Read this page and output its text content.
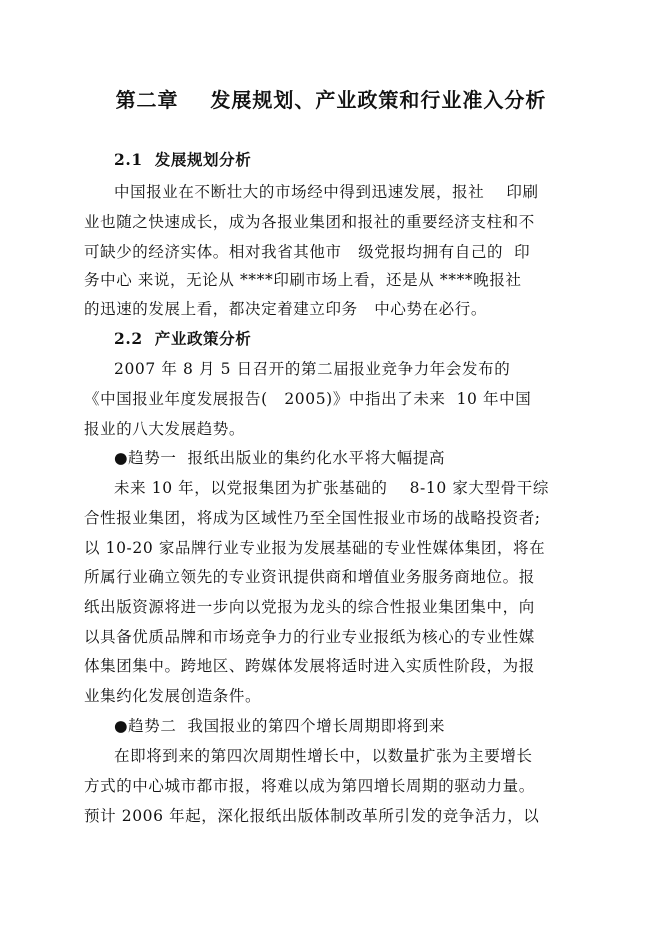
第二章    发展规划、产业政策和行业准入分析
2.1  发展规划分析
中国报业在不断壮大的市场经中得到迅速发展，报社    印刷
业也随之快速成长，成为各报业集团和报社的重要经济支柱和不
可缺少的经济实体。相对我省其他市   级党报均拥有自己的  印
务中心 来说，无论从 ****印刷市场上看，还是从 ****晚报社
的迅速的发展上看，都决定着建立印务   中心势在必行。
2.2  产业政策分析
2007 年 8 月 5 日召开的第二届报业竞争力年会发布的
《中国报业年度发展报告(   2005)》中指出了未来  10 年中国
报业的八大发展趋势。
●趋势一  报纸出版业的集约化水平将大幅提高
未来 10 年，以党报集团为扩张基础的    8-10 家大型骨干综
合性报业集团，将成为区域性乃至全国性报业市场的战略投资者;
以 10-20 家品牌行业专业报为发展基础的专业性媒体集团，将在
所属行业确立领先的专业资讯提供商和增值业务服务商地位。报
纸出版资源将进一步向以党报为龙头的综合性报业集团集中，向
以具备优质品牌和市场竞争力的行业专业报纸为核心的专业性媒
体集团集中。跨地区、跨媒体发展将适时进入实质性阶段，为报
业集约化发展创造条件。
●趋势二  我国报业的第四个增长周期即将到来
在即将到来的第四次周期性增长中，以数量扩张为主要增长
方式的中心城市都市报，将难以成为第四增长周期的驱动力量。
预计 2006 年起，深化报纸出版体制改革所引发的竞争活力，以
